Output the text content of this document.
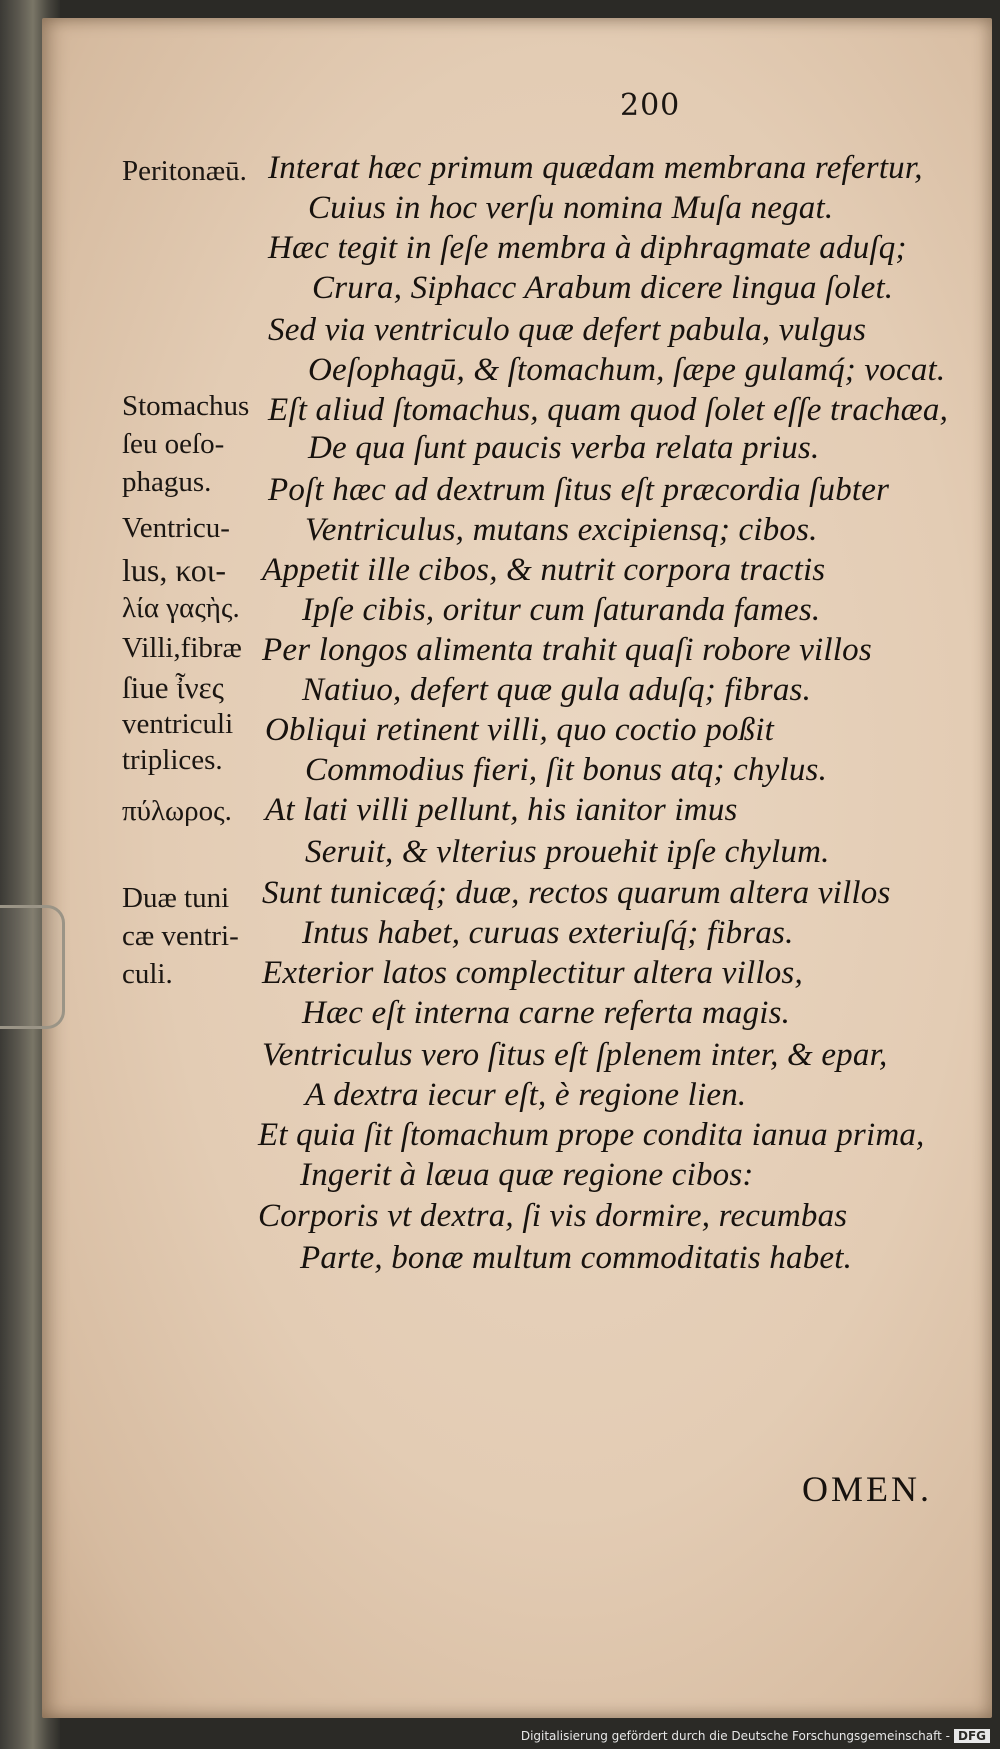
200
Peritonæū.
Stomachus
ſeu οeſo-
phagus.
Ventricu-
lus, κοι-
λία γαςὴς.
Villi,fibræ
ſiue ἶνες
ventriculi
triplices.
πύλωρος.
Duæ tuni
cæ ventri-
culi.
Interat hæc primum quædam membrana refertur,
Cuius in hoc verſu nomina Muſa negat.
Hæc tegit in ſeſe membra à diphragmate aduſq;
Crura, Siphacc Arabum dicere lingua ſolet.
Sed via ventriculo quæ defert pabula, vulgus
Oeſophagū, & ſtomachum, ſæpe gulamq́; vocat.
Eſt aliud ſtomachus, quam quod ſolet eſſe trachæa,
De qua ſunt paucis verba relata prius.
Poſt hæc ad dextrum ſitus eſt præcordia ſubter
Ventriculus, mutans excipiensq; cibos.
Appetit ille cibos, & nutrit corpora tractis
Ipſe cibis, oritur cum ſaturanda fames.
Per longos alimenta trahit quaſi robore villos
Natiuo, defert quæ gula aduſq; fibras.
Obliqui retinent villi, quo coctio poßit
Commodius fieri, ſit bonus atq; chylus.
At lati villi pellunt, his ianitor imus
Seruit, & vlterius prouehit ipſe chylum.
Sunt tunicæq́; duæ, rectos quarum altera villos
Intus habet, curuas exteriuſq́; fibras.
Exterior latos complectitur altera villos,
Hæc eſt interna carne referta magis.
Ventriculus vero ſitus eſt ſplenem inter, & epar,
A dextra iecur eſt, è regione lien.
Et quia ſit ſtomachum prope condita ianua prima,
Ingerit à læua quæ regione cibos:
Corporis vt dextra, ſi vis dormire, recumbas
Parte, bonæ multum commoditatis habet.
OMEN.
Digitalisierung gefördert durch die Deutsche Forschungsgemeinschaft - DFG
